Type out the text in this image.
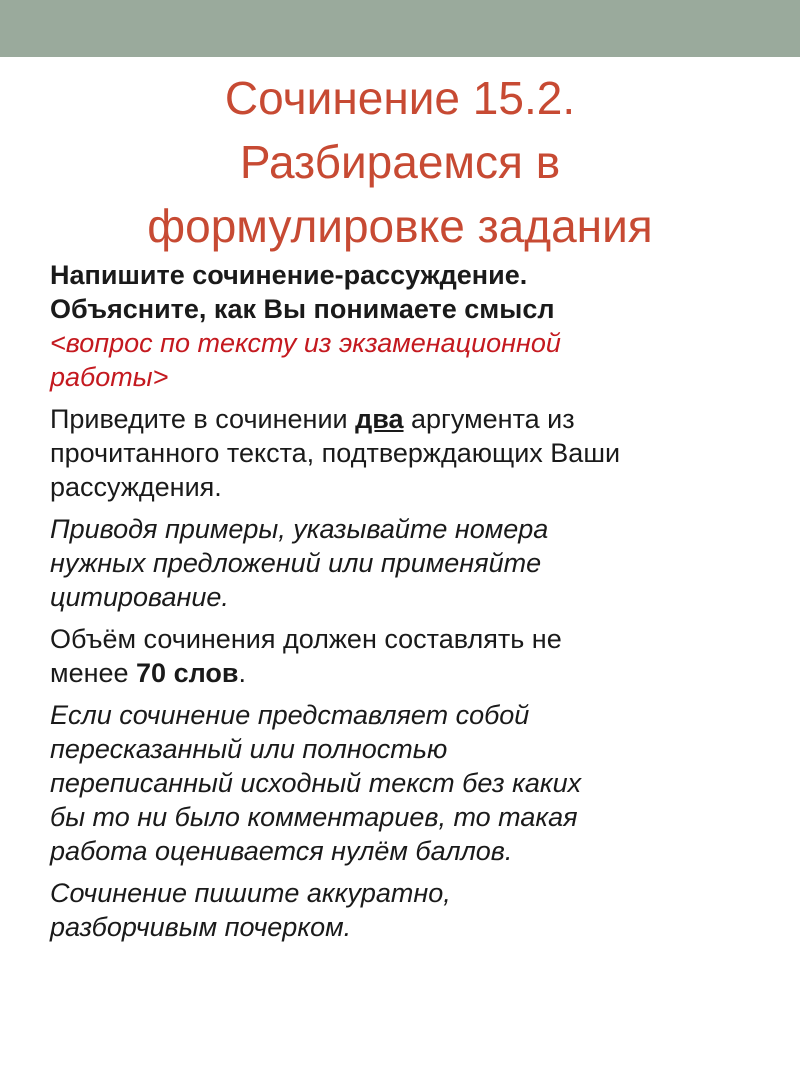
Сочинение 15.2.
Разбираемся в
формулировке задания

Напишите сочинение-рассуждение.
Объясните, как Вы понимаете смысл
<вопрос по тексту из экзаменационной
работы>

Приведите в сочинении два аргумента из
прочитанного текста, подтверждающих Ваши
рассуждения.

Приводя примеры, указывайте номера
нужных предложений или применяйте
цитирование.

Объём сочинения должен составлять не
менее 70 слов.

Если сочинение представляет собой
пересказанный или полностью
переписанный исходный текст без каких
бы то ни было комментариев, то такая
работа оценивается нулём баллов.

Сочинение пишите аккуратно,
разборчивым почерком.
